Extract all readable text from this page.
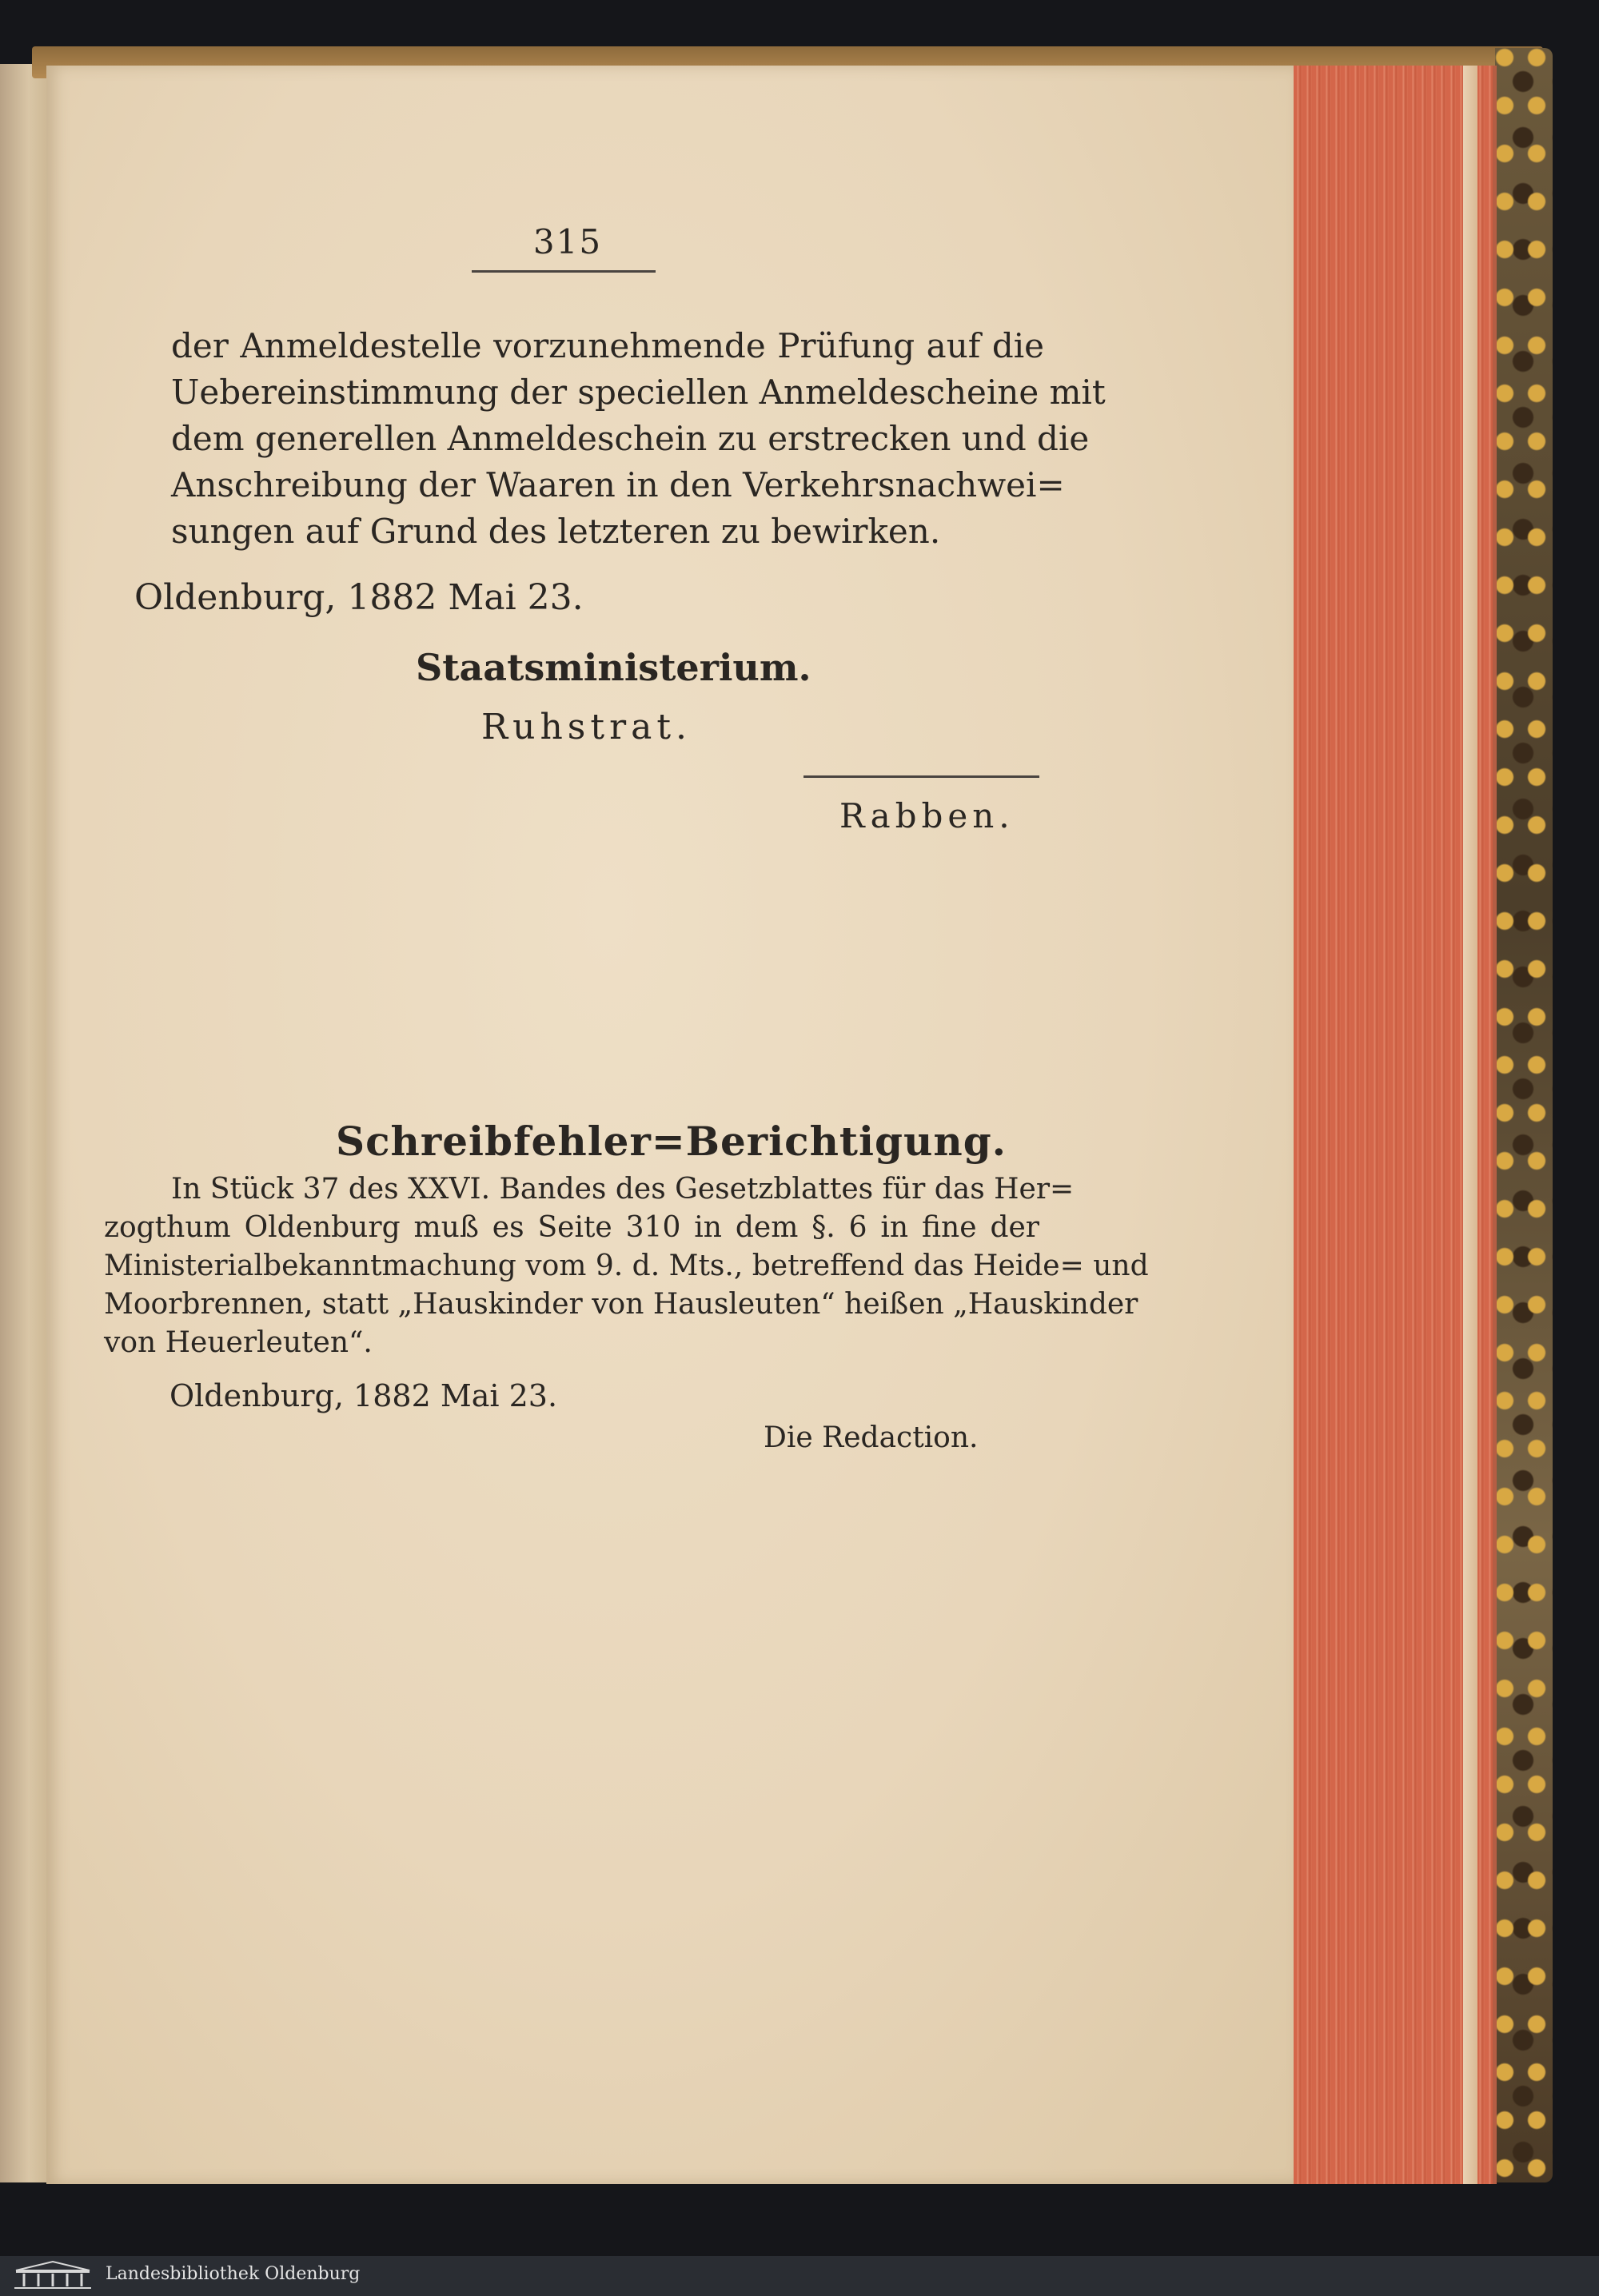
315

der Anmeldestelle vorzunehmende Prüfung auf die

Uebereinstimmung der speciellen Anmeldescheine mit

dem generellen Anmeldeschein zu erstrecken und die

Anschreibung der Waaren in den Verkehrsnachwei=

sungen auf Grund des letzteren zu bewirken.

Oldenburg, 1882 Mai 23.

Staatsministerium.

Ruhstrat.

Rabben.

Schreibfehler=Berichtigung.

In Stück 37 des XXVI. Bandes des Gesetzblattes für das Her=

zogthum Oldenburg muß es Seite 310 in dem §. 6 in fine der

Ministerialbekanntmachung vom 9. d. Mts., betreffend das Heide= und

Moorbrennen, statt „Hauskinder von Hausleuten“ heißen „Hauskinder

von Heuerleuten“.

Oldenburg, 1882 Mai 23.

Die Redaction.

Landesbibliothek Oldenburg
